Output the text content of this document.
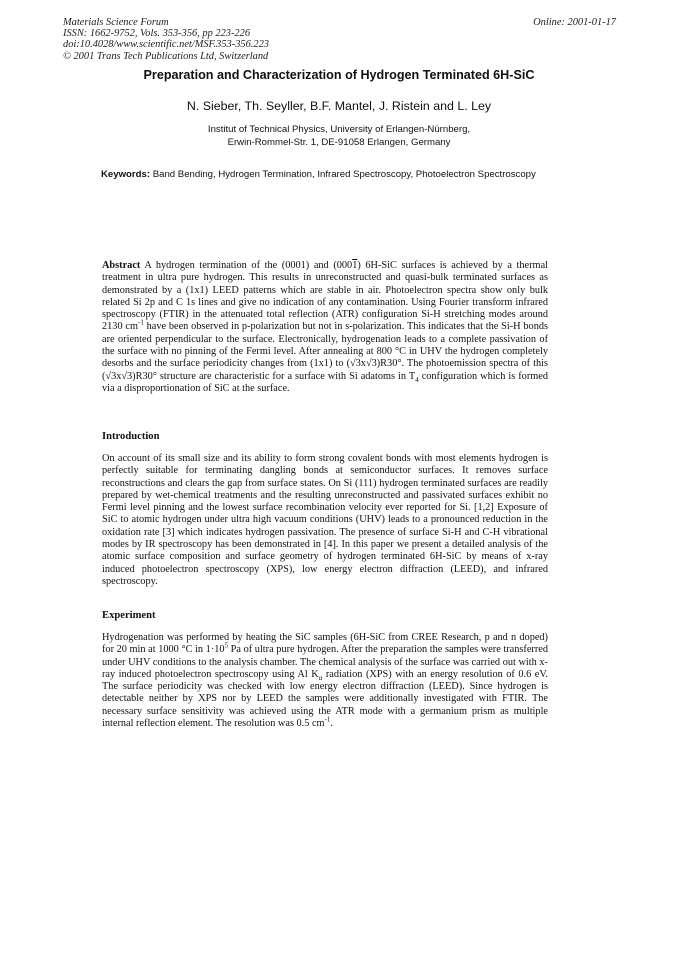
Materials Science Forum
ISSN: 1662-9752, Vols. 353-356, pp 223-226
doi:10.4028/www.scientific.net/MSF.353-356.223
© 2001 Trans Tech Publications Ltd, Switzerland
Online: 2001-01-17
Preparation and Characterization of Hydrogen Terminated 6H-SiC
N. Sieber, Th. Seyller, B.F. Mantel, J. Ristein and L. Ley
Institut of Technical Physics, University of Erlangen-Nürnberg,
Erwin-Rommel-Str. 1, DE-91058 Erlangen, Germany
Keywords: Band Bending, Hydrogen Termination, Infrared Spectroscopy, Photoelectron Spectroscopy
Abstract A hydrogen termination of the (0001) and (0001) 6H-SiC surfaces is achieved by a thermal treatment in ultra pure hydrogen. This results in unreconstructed and quasi-bulk terminated surfaces as demonstrated by a (1x1) LEED patterns which are stable in air. Photoelectron spectra show only bulk related Si 2p and C 1s lines and give no indication of any contamination. Using Fourier transform infrared spectroscopy (FTIR) in the attenuated total reflection (ATR) configuration Si-H stretching modes around 2130 $cm^{-1}$ have been observed in p-polarization but not in s-polarization. This indicates that the Si-H bonds are oriented perpendicular to the surface. Electronically, hydrogenation leads to a complete passivation of the surface with no pinning of the Fermi level. After annealing at 800 °C in UHV the hydrogen completely desorbs and the surface periodicity changes from (1x1) to (√3x√3)R30°. The photoemission spectra of this (√3x√3)R30° structure are characteristic for a surface with Si adatoms in $T_4$ configuration which is formed via a disproportionation of SiC at the surface.
Introduction
On account of its small size and its ability to form strong covalent bonds with most elements hydrogen is perfectly suitable for terminating dangling bonds at semiconductor surfaces. It removes surface reconstructions and clears the gap from surface states. On Si (111) hydrogen terminated surfaces are readily prepared by wet-chemical treatments and the resulting unreconstructed and passivated surfaces exhibit no Fermi level pinning and the lowest surface recombination velocity ever reported for Si. [1,2] Exposure of SiC to atomic hydrogen under ultra high vacuum conditions (UHV) leads to a pronounced reduction in the oxidation rate [3] which indicates hydrogen passivation. The presence of surface Si-H and C-H vibrational modes by IR spectroscopy has been demonstrated in [4]. In this paper we present a detailed analysis of the atomic surface composition and surface geometry of hydrogen terminated 6H-SiC by means of x-ray induced photoelectron spectroscopy (XPS), low energy electron diffraction (LEED), and infrared spectroscopy.
Experiment
Hydrogenation was performed by heating the SiC samples (6H-SiC from CREE Research, p and n doped) for 20 min at 1000 °C in $1\cdot 10^5$ Pa of ultra pure hydrogen. After the preparation the samples were transferred under UHV conditions to the analysis chamber. The chemical analysis of the surface was carried out with x-ray induced photoelectron spectroscopy using Al $K_\alpha$ radiation (XPS) with an energy resolution of 0.6 eV. The surface periodicity was checked with low energy electron diffraction (LEED). Since hydrogen is detectable neither by XPS nor by LEED the samples were additionally investigated with FTIR. The necessary surface sensitivity was achieved using the ATR mode with a germanium prism as multiple internal reflection element. The resolution was 0.5 $cm^{-1}$.
